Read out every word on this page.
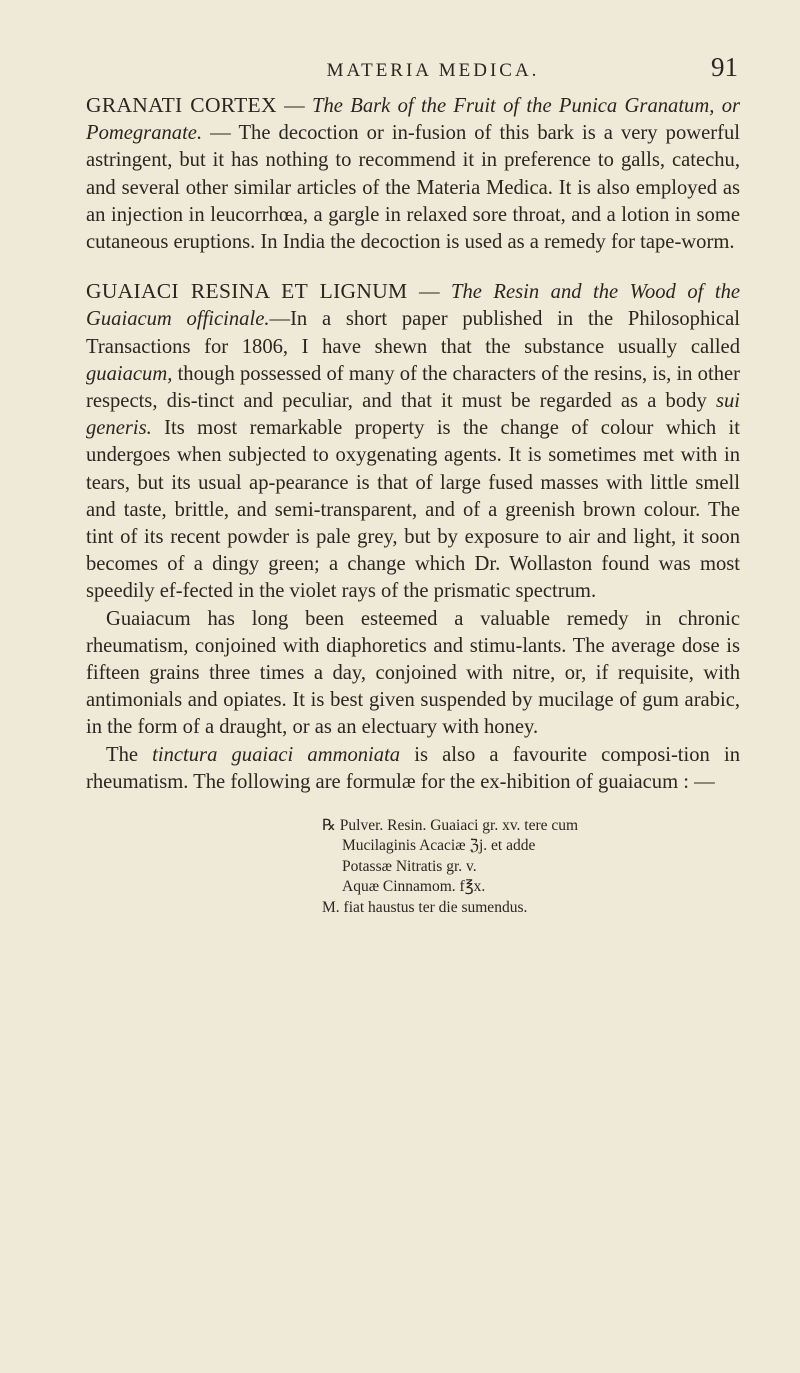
MATERIA MEDICA.	91

GRANATI CORTEX — The Bark of the Fruit of the Punica Granatum, or Pomegranate. — The decoction or in-fusion of this bark is a very powerful astringent, but it has nothing to recommend it in preference to galls, catechu, and several other similar articles of the Materia Medica. It is also employed as an injection in leucorrhœa, a gargle in relaxed sore throat, and a lotion in some cutaneous eruptions. In India the decoction is used as a remedy for tape-worm.

GUAIACI RESINA ET LIGNUM — The Resin and the Wood of the Guaiacum officinale.—In a short paper published in the Philosophical Transactions for 1806, I have shewn that the substance usually called guaiacum, though possessed of many of the characters of the resins, is, in other respects, dis-tinct and peculiar, and that it must be regarded as a body sui generis. Its most remarkable property is the change of colour which it undergoes when subjected to oxygenating agents. It is sometimes met with in tears, but its usual ap-pearance is that of large fused masses with little smell and taste, brittle, and semi-transparent, and of a greenish brown colour. The tint of its recent powder is pale grey, but by exposure to air and light, it soon becomes of a dingy green; a change which Dr. Wollaston found was most speedily ef-fected in the violet rays of the prismatic spectrum.
Guaiacum has long been esteemed a valuable remedy in chronic rheumatism, conjoined with diaphoretics and stimu-lants. The average dose is fifteen grains three times a day, conjoined with nitre, or, if requisite, with antimonials and opiates. It is best given suspended by mucilage of gum arabic, in the form of a draught, or as an electuary with honey.
The tinctura guaiaci ammoniata is also a favourite composi-tion in rheumatism. The following are formulæ for the ex-hibition of guaiacum : —

℞ Pulver. Resin. Guaiaci gr. xv. tere cum
Mucilaginis Acaciæ ℨj. et adde
Potassæ Nitratis gr. v.
Aquæ Cinnamom. f℥x.
M. fiat haustus ter die sumendus.
